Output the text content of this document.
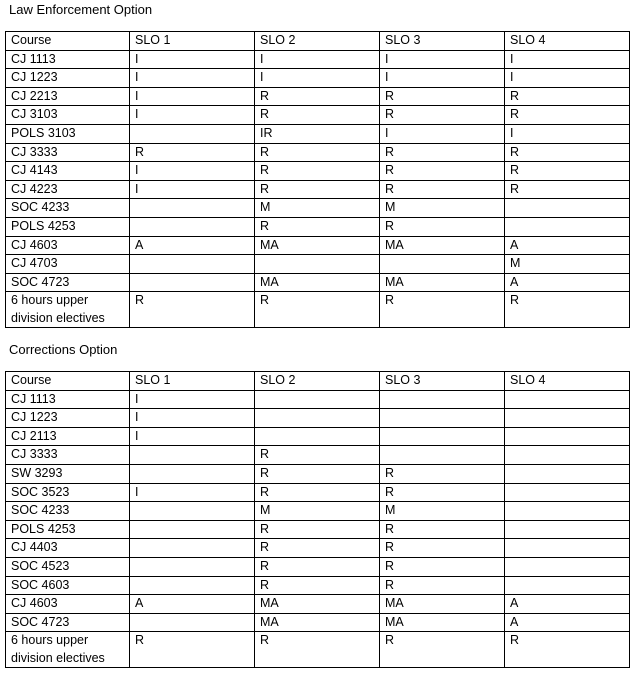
Law Enforcement Option
Course	SLO 1	SLO 2	SLO 3	SLO 4
CJ 1113	I	I	I	I
CJ 1223	I	I	I	I
CJ 2213	I	R	R	R
CJ 3103	I	R	R	R
POLS 3103		IR	I	I
CJ 3333	R	R	R	R
CJ 4143	I	R	R	R
CJ 4223	I	R	R	R
SOC 4233		M	M	
POLS 4253		R	R	
CJ 4603	A	MA	MA	A
CJ 4703				M
SOC 4723		MA	MA	A
6 hours upper division electives	R	R	R	R
Corrections Option
Course	SLO 1	SLO 2	SLO 3	SLO 4
CJ 1113	I			
CJ 1223	I			
CJ 2113	I			
CJ 3333		R		
SW 3293		R	R	
SOC 3523	I	R	R	
SOC 4233		M	M	
POLS 4253		R	R	
CJ 4403		R	R	
SOC 4523		R	R	
SOC 4603		R	R	
CJ 4603	A	MA	MA	A
SOC 4723		MA	MA	A
6 hours upper division electives	R	R	R	R
